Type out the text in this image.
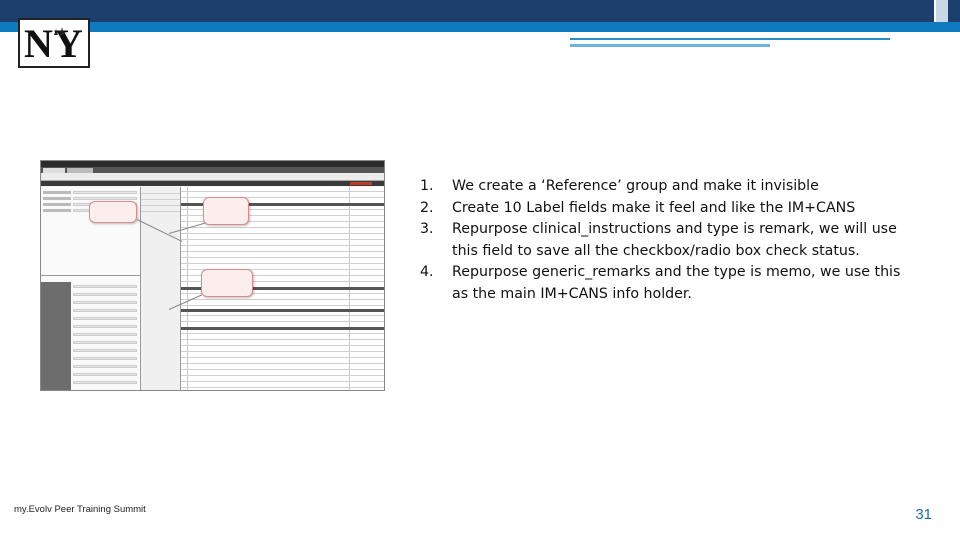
NY
1.	We create a ‘Reference’ group and make it invisible
2.	Create 10 Label fields make it feel and like the IM+CANS
3.	Repurpose clinical_instructions and type is remark, we will use this field to save all the checkbox/radio box check status.
4.	Repurpose generic_remarks and the type is memo, we use this as the main IM+CANS info holder.
my.Evolv Peer Training Summit	31
